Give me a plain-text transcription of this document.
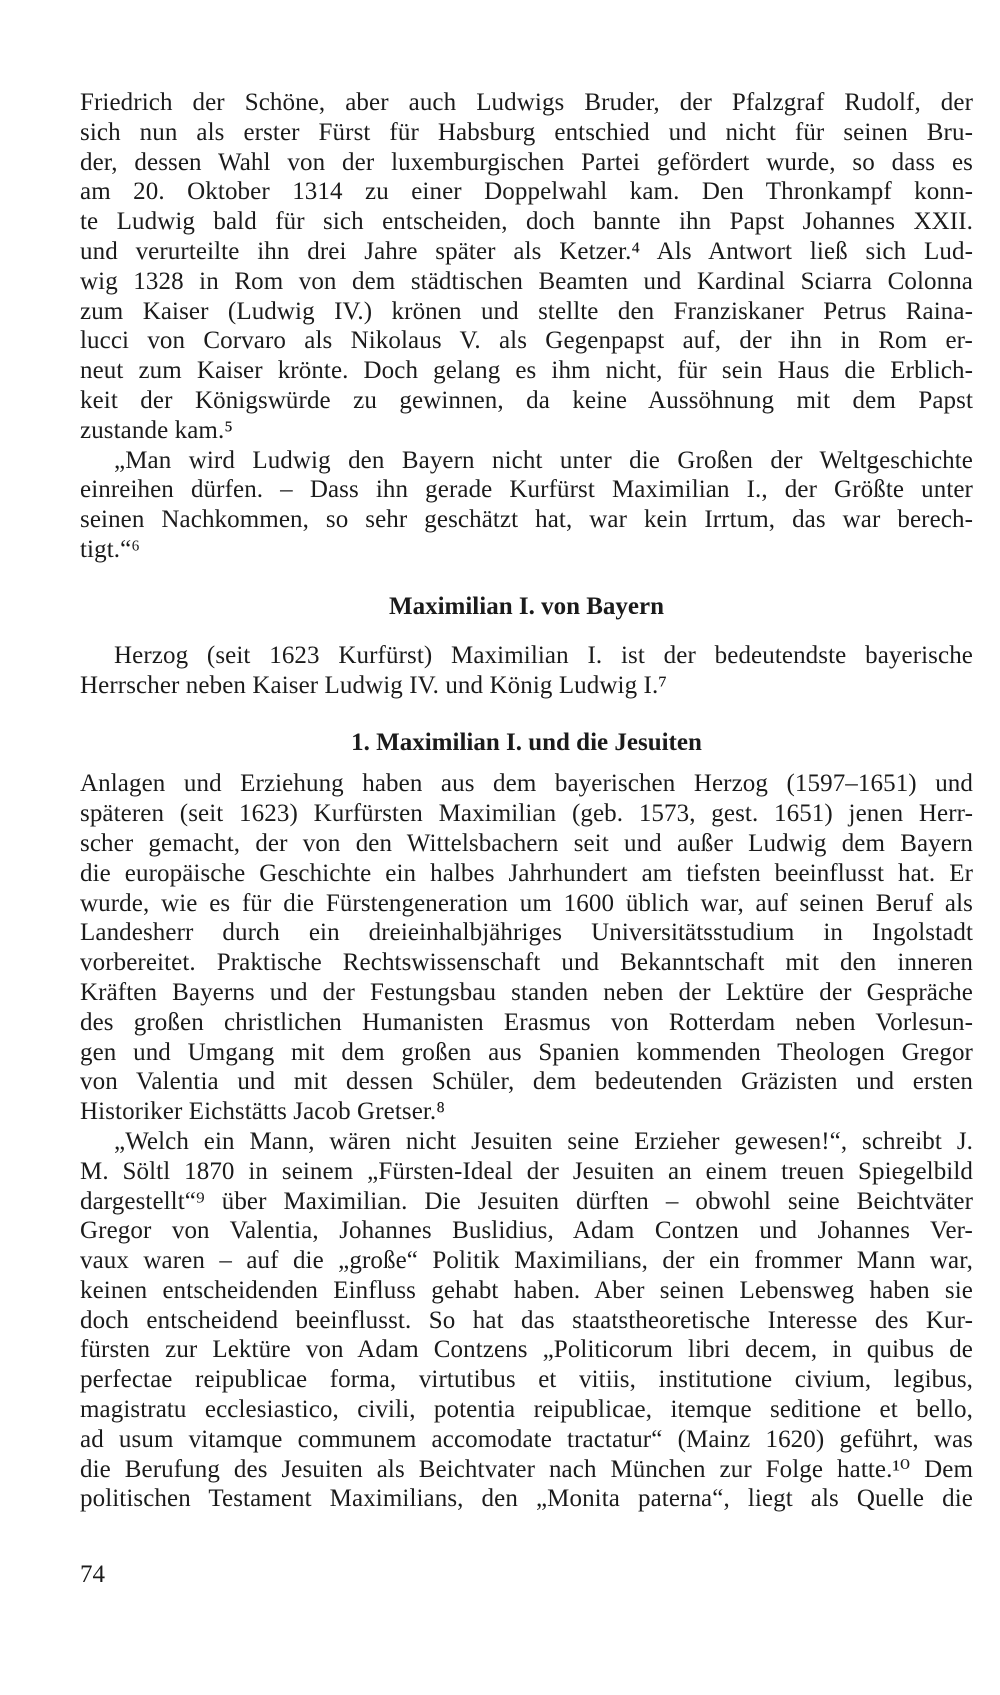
Friedrich der Schöne, aber auch Ludwigs Bruder, der Pfalzgraf Rudolf, der
sich nun als erster Fürst für Habsburg entschied und nicht für seinen Bru-
der, dessen Wahl von der luxemburgischen Partei gefördert wurde, so dass es
am 20. Oktober 1314 zu einer Doppelwahl kam. Den Thronkampf konn-
te Ludwig bald für sich entscheiden, doch bannte ihn Papst Johannes XXII.
und verurteilte ihn drei Jahre später als Ketzer.⁴ Als Antwort ließ sich Lud-
wig 1328 in Rom von dem städtischen Beamten und Kardinal Sciarra Colonna
zum Kaiser (Ludwig IV.) krönen und stellte den Franziskaner Petrus Raina-
lucci von Corvaro als Nikolaus V. als Gegenpapst auf, der ihn in Rom er-
neut zum Kaiser krönte. Doch gelang es ihm nicht, für sein Haus die Erblich-
keit der Königswürde zu gewinnen, da keine Aussöhnung mit dem Papst
zustande kam.⁵
„Man wird Ludwig den Bayern nicht unter die Großen der Weltgeschichte
einreihen dürfen. – Dass ihn gerade Kurfürst Maximilian I., der Größte unter
seinen Nachkommen, so sehr geschätzt hat, war kein Irrtum, das war berech-
tigt.“⁶
Maximilian I. von Bayern
Herzog (seit 1623 Kurfürst) Maximilian I. ist der bedeutendste bayerische
Herrscher neben Kaiser Ludwig IV. und König Ludwig I.⁷
1. Maximilian I. und die Jesuiten
Anlagen und Erziehung haben aus dem bayerischen Herzog (1597–1651) und
späteren (seit 1623) Kurfürsten Maximilian (geb. 1573, gest. 1651) jenen Herr-
scher gemacht, der von den Wittelsbachern seit und außer Ludwig dem Bayern
die europäische Geschichte ein halbes Jahrhundert am tiefsten beeinflusst hat. Er
wurde, wie es für die Fürstengeneration um 1600 üblich war, auf seinen Beruf als
Landesherr durch ein dreieinhalbjähriges Universitätsstudium in Ingolstadt
vorbereitet. Praktische Rechtswissenschaft und Bekanntschaft mit den inneren
Kräften Bayerns und der Festungsbau standen neben der Lektüre der Gespräche
des großen christlichen Humanisten Erasmus von Rotterdam neben Vorlesun-
gen und Umgang mit dem großen aus Spanien kommenden Theologen Gregor
von Valentia und mit dessen Schüler, dem bedeutenden Gräzisten und ersten
Historiker Eichstätts Jacob Gretser.⁸
„Welch ein Mann, wären nicht Jesuiten seine Erzieher gewesen!“, schreibt J.
M. Söltl 1870 in seinem „Fürsten-Ideal der Jesuiten an einem treuen Spiegelbild
dargestellt“⁹ über Maximilian. Die Jesuiten dürften – obwohl seine Beichtväter
Gregor von Valentia, Johannes Buslidius, Adam Contzen und Johannes Ver-
vaux waren – auf die „große“ Politik Maximilians, der ein frommer Mann war,
keinen entscheidenden Einfluss gehabt haben. Aber seinen Lebensweg haben sie
doch entscheidend beeinflusst. So hat das staatstheoretische Interesse des Kur-
fürsten zur Lektüre von Adam Contzens „Politicorum libri decem, in quibus de
perfectae reipublicae forma, virtutibus et vitiis, institutione civium, legibus,
magistratu ecclesiastico, civili, potentia reipublicae, itemque seditione et bello,
ad usum vitamque communem accomodate tractatur“ (Mainz 1620) geführt, was
die Berufung des Jesuiten als Beichtvater nach München zur Folge hatte.¹⁰ Dem
politischen Testament Maximilians, den „Monita paterna“, liegt als Quelle die
74
